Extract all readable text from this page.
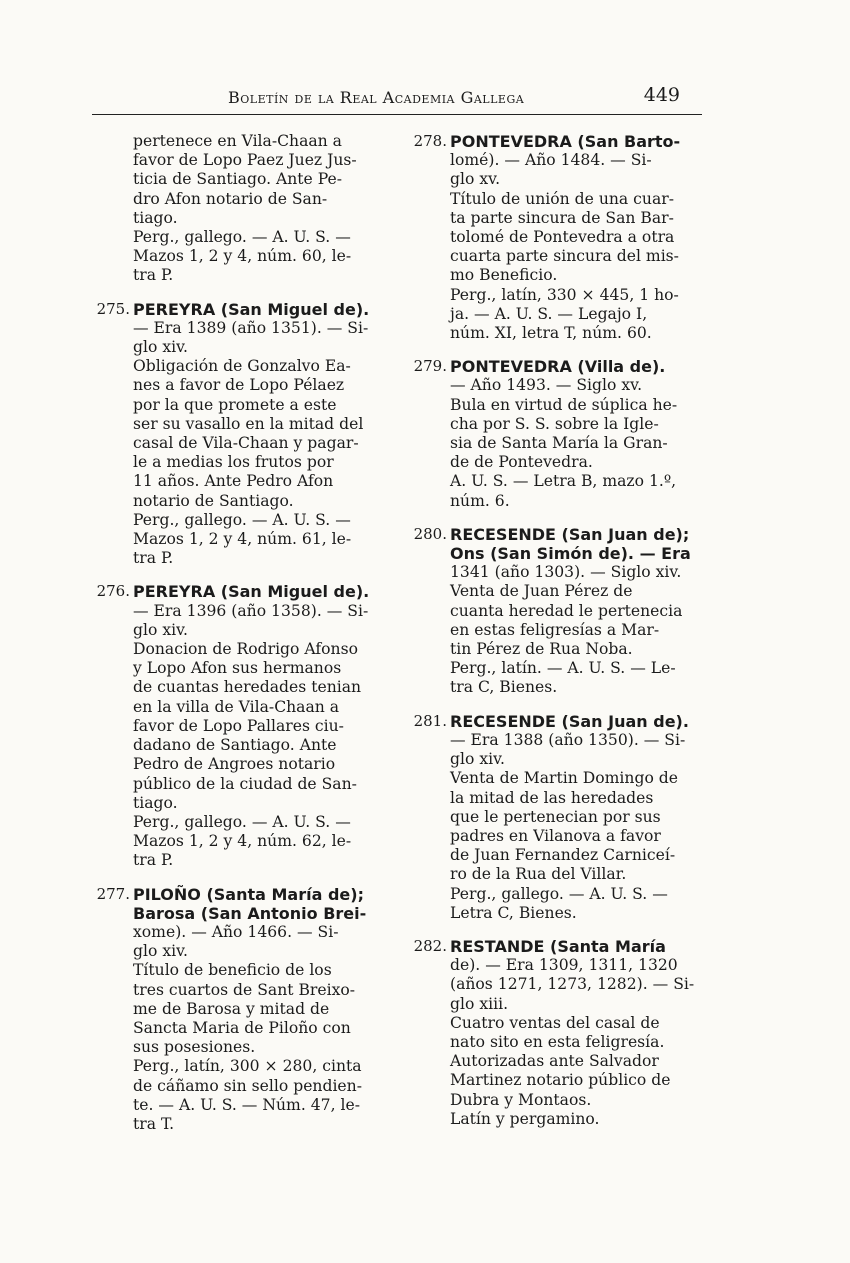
Boletín de la Real Academia Gallega	449
pertenece en Vila-Chaan a
favor de Lopo Paez Juez Jus-
ticia de Santiago. Ante Pe-
dro Afon notario de San-
tiago.
Perg., gallego. — A. U. S. —
Mazos 1, 2 y 4, núm. 60, le-
tra P.
275. PEREYRA (San Miguel de).
— Era 1389 (año 1351). — Si-
glo xiv.
Obligación de Gonzalvo Ea-
nes a favor de Lopo Pélaez
por la que promete a este
ser su vasallo en la mitad del
casal de Vila-Chaan y pagar-
le a medias los frutos por
11 años. Ante Pedro Afon
notario de Santiago.
Perg., gallego. — A. U. S. —
Mazos 1, 2 y 4, núm. 61, le-
tra P.
276. PEREYRA (San Miguel de).
— Era 1396 (año 1358). — Si-
glo xiv.
Donacion de Rodrigo Afonso
y Lopo Afon sus hermanos
de cuantas heredades tenian
en la villa de Vila-Chaan a
favor de Lopo Pallares ciu-
dadano de Santiago. Ante
Pedro de Angroes notario
público de la ciudad de San-
tiago.
Perg., gallego. — A. U. S. —
Mazos 1, 2 y 4, núm. 62, le-
tra P.
277. PILOÑO (Santa María de);
Barosa (San Antonio Brei-
xome). — Año 1466. — Si-
glo xiv.
Título de beneficio de los
tres cuartos de Sant Breixo-
me de Barosa y mitad de
Sancta Maria de Piloño con
sus posesiones.
Perg., latín, 300 × 280, cinta
de cáñamo sin sello pendien-
te. — A. U. S. — Núm. 47, le-
tra T.
278. PONTEVEDRA (San Barto-
lomé). — Año 1484. — Si-
glo xv.
Título de unión de una cuar-
ta parte sincura de San Bar-
tolomé de Pontevedra a otra
cuarta parte sincura del mis-
mo Beneficio.
Perg., latín, 330 × 445, 1 ho-
ja. — A. U. S. — Legajo I,
núm. XI, letra T, núm. 60.
279. PONTEVEDRA (Villa de).
— Año 1493. — Siglo xv.
Bula en virtud de súplica he-
cha por S. S. sobre la Igle-
sia de Santa María la Gran-
de de Pontevedra.
A. U. S. — Letra B, mazo 1.º,
núm. 6.
280. RECESENDE (San Juan de);
Ons (San Simón de). — Era
1341 (año 1303). — Siglo xiv.
Venta de Juan Pérez de
cuanta heredad le pertenecia
en estas feligresías a Mar-
tin Pérez de Rua Noba.
Perg., latín. — A. U. S. — Le-
tra C, Bienes.
281. RECESENDE (San Juan de).
— Era 1388 (año 1350). — Si-
glo xiv.
Venta de Martin Domingo de
la mitad de las heredades
que le pertenecian por sus
padres en Vilanova a favor
de Juan Fernandez Carniceí-
ro de la Rua del Villar.
Perg., gallego. — A. U. S. —
Letra C, Bienes.
282. RESTANDE (Santa María
de). — Era 1309, 1311, 1320
(años 1271, 1273, 1282). — Si-
glo xiii.
Cuatro ventas del casal de
nato sito en esta feligresía.
Autorizadas ante Salvador
Martinez notario público de
Dubra y Montaos.
Latín y pergamino.
